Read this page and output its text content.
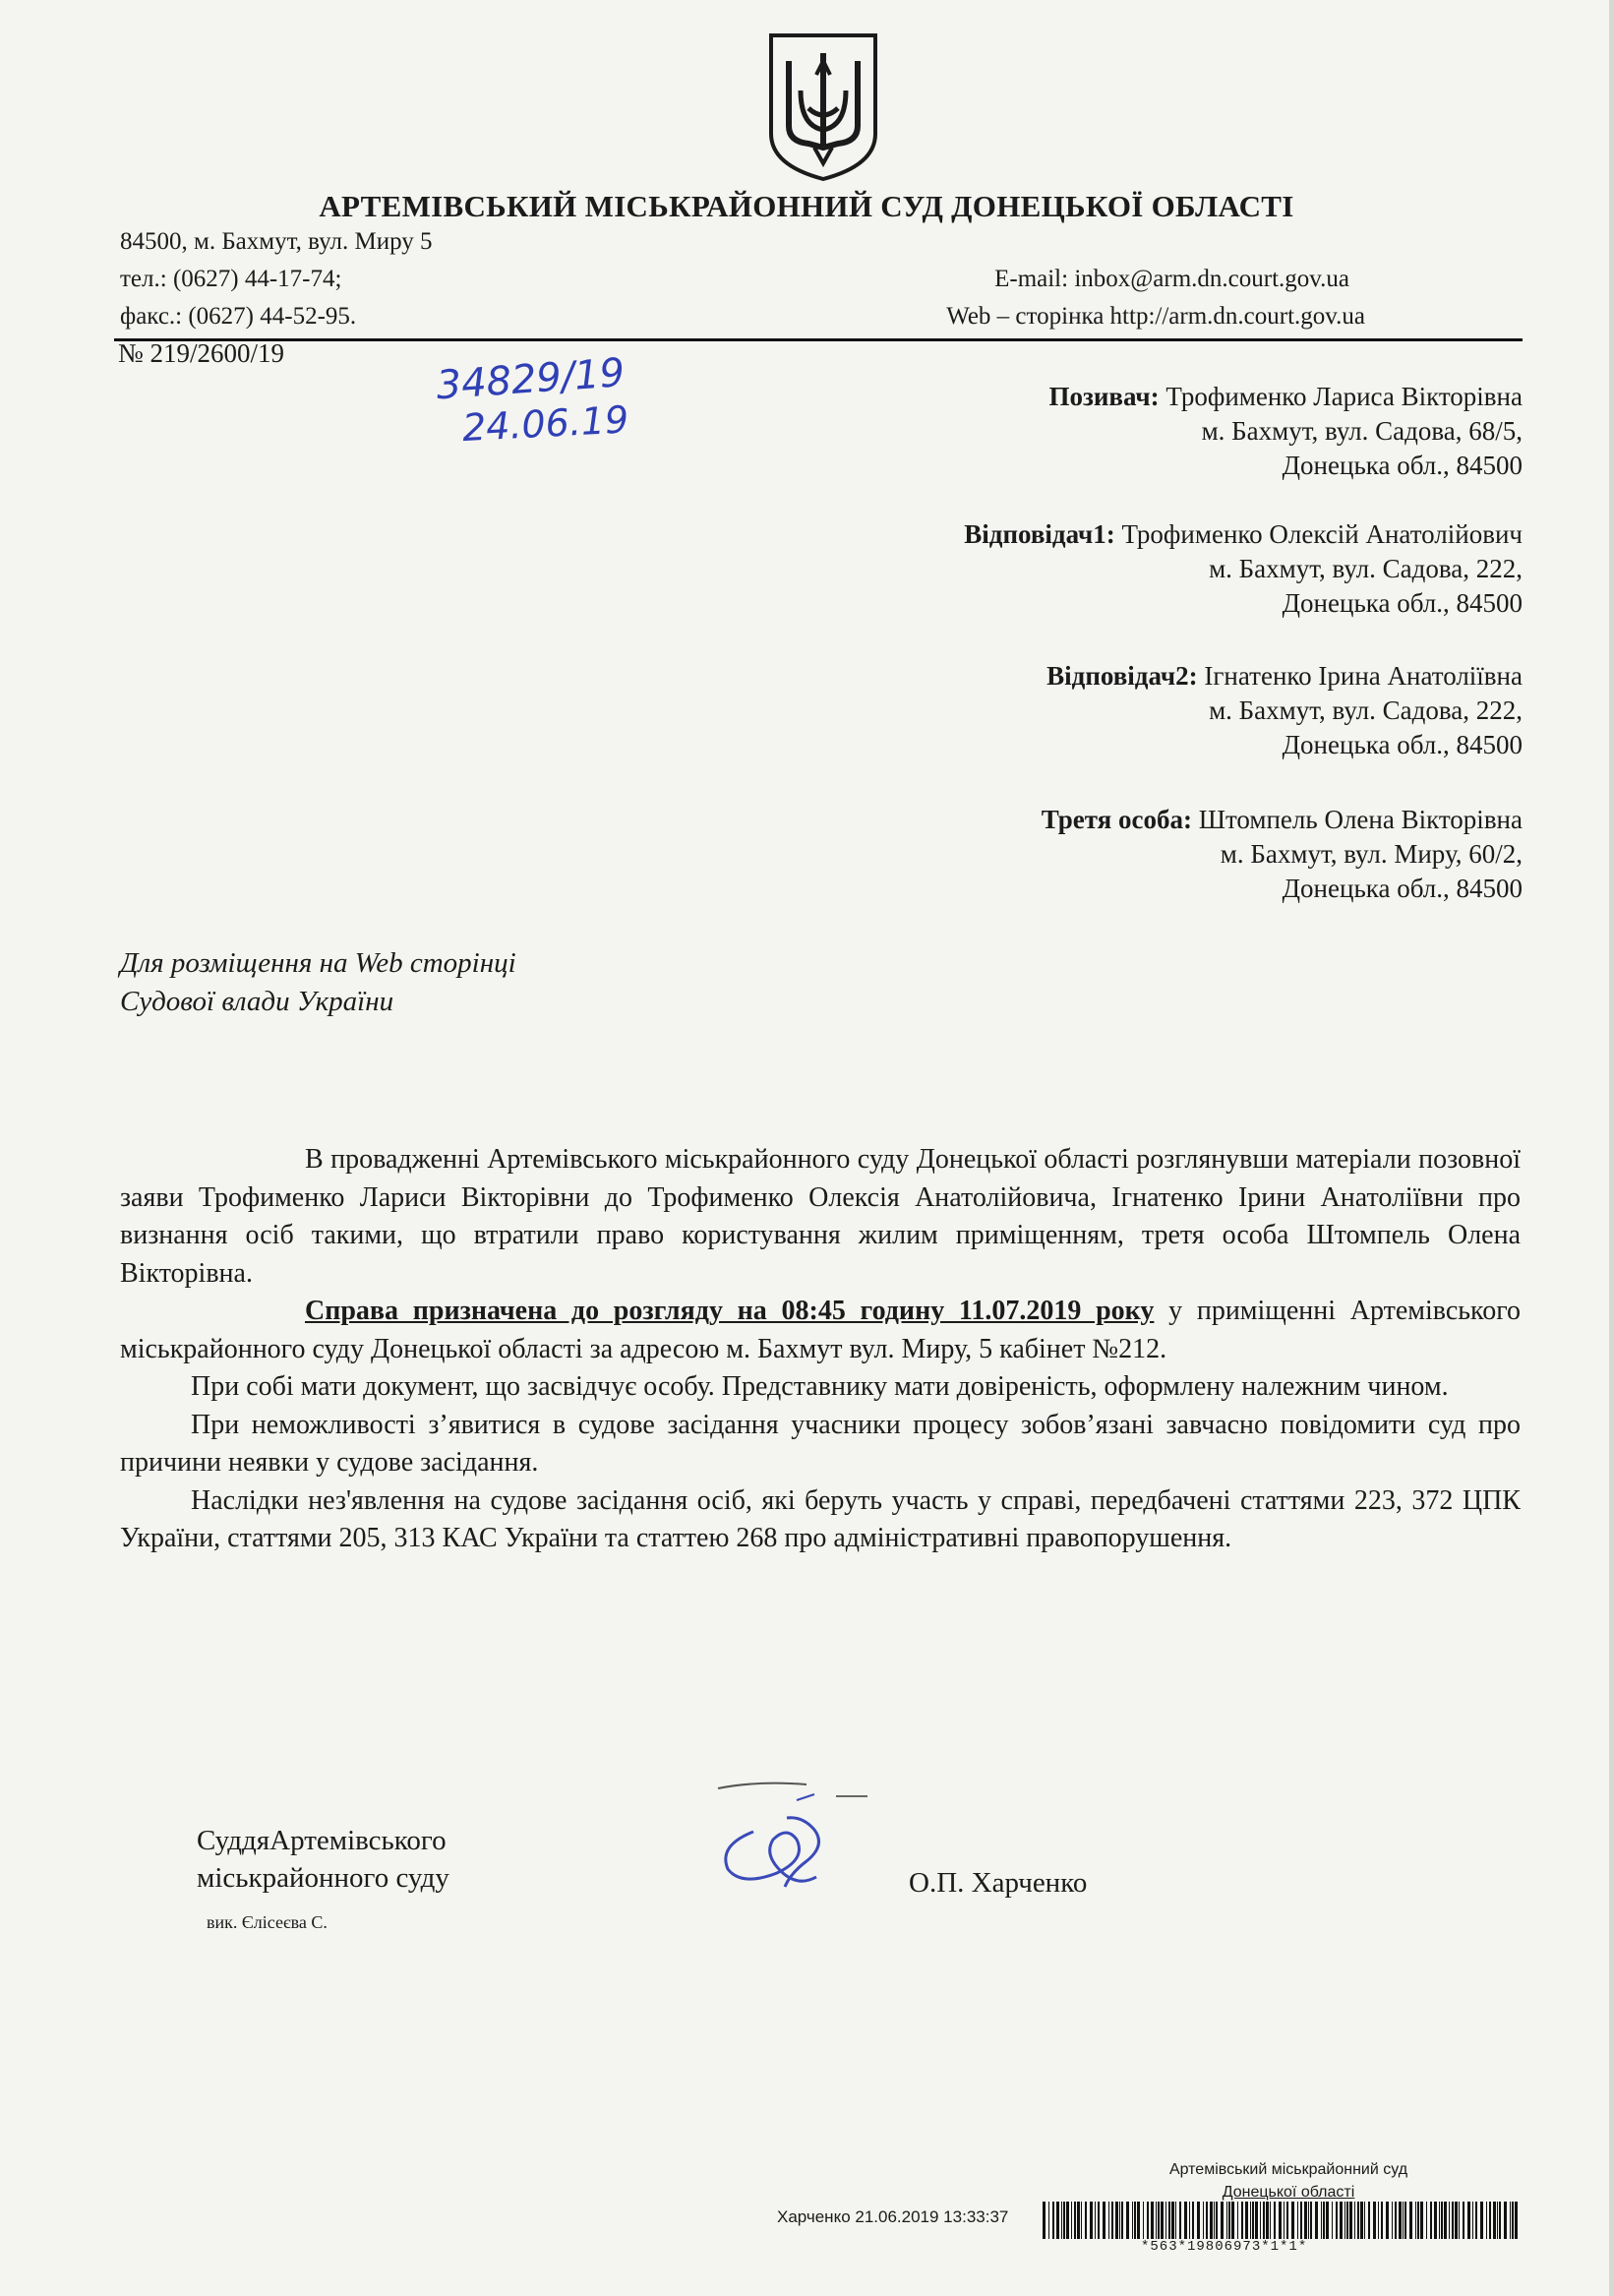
АРТЕМІВСЬКИЙ МІСЬКРАЙОННИЙ СУД ДОНЕЦЬКОЇ ОБЛАСТІ
84500, м. Бахмут, вул. Миру 5
тел.: (0627) 44-17-74;
факс.: (0627) 44-52-95.
E-mail: inbox@arm.dn.court.gov.ua
Web – сторінка http://arm.dn.court.gov.ua
№ 219/2600/19	34829/19
24.06.19
Позивач: Трофименко Лариса Вікторівна
м. Бахмут, вул. Садова, 68/5,
Донецька обл., 84500
Відповідач1: Трофименко Олексій Анатолійович
м. Бахмут, вул. Садова, 222,
Донецька обл., 84500
Відповідач2: Ігнатенко Ірина Анатоліївна
м. Бахмут, вул. Садова, 222,
Донецька обл., 84500
Третя особа: Штомпель Олена Вікторівна
м. Бахмут, вул. Миру, 60/2,
Донецька обл., 84500
Для розміщення на Web сторінці
Судової влади України

В провадженні Артемівського міськрайонного суду Донецької області розглянувши матеріали позовної заяви Трофименко Лариси Вікторівни до Трофименко Олексія Анатолійовича, Ігнатенко Ірини Анатоліївни про визнання осіб такими, що втратили право користування жилим приміщенням, третя особа Штомпель Олена Вікторівна.

Справа призначена до розгляду на 08:45 годину 11.07.2019 року у приміщенні Артемівського міськрайонного суду Донецької області за адресою м. Бахмут вул. Миру, 5 кабінет №212.

При собі мати документ, що засвідчує особу. Представнику мати довіреність, оформлену належним чином.

При неможливості з’явитися в судове засідання учасники процесу зобов’язані завчасно повідомити суд про причини неявки у судове засідання.

Наслідки нез'явлення на судове засідання осіб, які беруть участь у справі, передбачені статтями 223, 372 ЦПК України, статтями 205, 313 КАС України та статтею 268 про адміністративні правопорушення.

СуддяАртемівського
міськрайонного суду
вик. Єлісеєва С.
О.П. Харченко
Артемівський міськрайонний суд
Донецької області
Харченко 21.06.2019 13:33:37
*563*19806973*1*1*
